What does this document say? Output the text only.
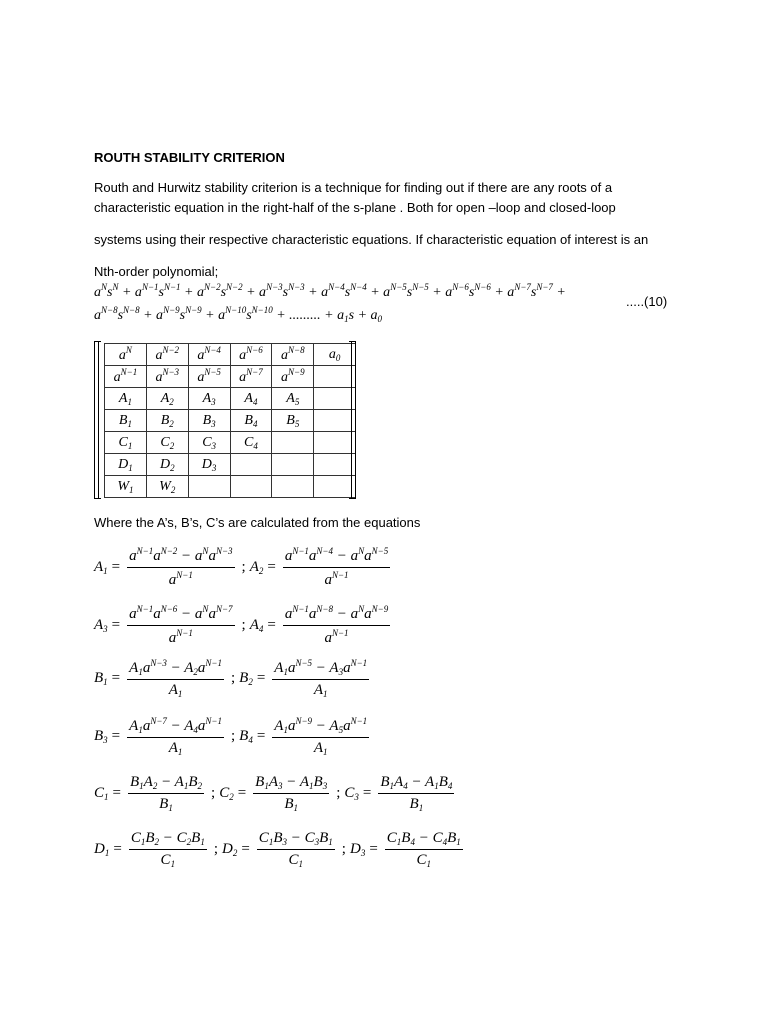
ROUTH STABILITY CRITERION
Routh and Hurwitz stability criterion is a technique for finding out if there are any roots of a
characteristic equation in the right-half of the s-plane . Both for open –loop and closed-loop
systems using their respective characteristic equations. If characteristic equation of interest is an
Nth-order polynomial;
$a^Ns^N + a^{N-1}s^{N-1} + a^{N-2}s^{N-2} + a^{N-3}s^{N-3} + a^{N-4}s^{N-4} + a^{N-5}s^{N-5} + a^{N-6}s^{N-6} + a^{N-7}s^{N-7}$ +
$a^{N-8}s^{N-8} + a^{N-9}s^{N-9} + a^{N-10}s^{N-10}$ + ......... + $a_1s + a_0$
.....(10)
$a^N$	$a^{N-2}$	$a^{N-4}$	$a^{N-6}$	$a^{N-8}$	$a_0$
$a^{N-1}$	$a^{N-3}$	$a^{N-5}$	$a^{N-7}$	$a^{N-9}$	
$A_1$	$A_2$	$A_3$	$A_4$	$A_5$	
$B_1$	$B_2$	$B_3$	$B_4$	$B_5$	
$C_1$	$C_2$	$C_3$	$C_4$		
$D_1$	$D_2$	$D_3$			
$W_1$	$W_2$				
Where the A’s, B’s, C’s are calculated from the equations
$A_1 = \frac{a^{N-1}a^{N-2} - a^Na^{N-3}}{a^{N-1}}$ ; $A_2 = \frac{a^{N-1}a^{N-4} - a^Na^{N-5}}{a^{N-1}}$
$A_3 = \frac{a^{N-1}a^{N-6} - a^Na^{N-7}}{a^{N-1}}$ ; $A_4 = \frac{a^{N-1}a^{N-8} - a^Na^{N-9}}{a^{N-1}}$
$B_1 = \frac{A_1a^{N-3} - A_2a^{N-1}}{A_1}$ ; $B_2 = \frac{A_1a^{N-5} - A_3a^{N-1}}{A_1}$
$B_3 = \frac{A_1a^{N-7} - A_4a^{N-1}}{A_1}$ ; $B_4 = \frac{A_1a^{N-9} - A_5a^{N-1}}{A_1}$
$C_1 = \frac{B_1A_2 - A_1B_2}{B_1}$ ; $C_2 = \frac{B_1A_3 - A_1B_3}{B_1}$ ; $C_3 = \frac{B_1A_4 - A_1B_4}{B_1}$
$D_1 = \frac{C_1B_2 - C_2B_1}{C_1}$ ; $D_2 = \frac{C_1B_3 - C_3B_1}{C_1}$ ; $D_3 = \frac{C_1B_4 - C_4B_1}{C_1}$
